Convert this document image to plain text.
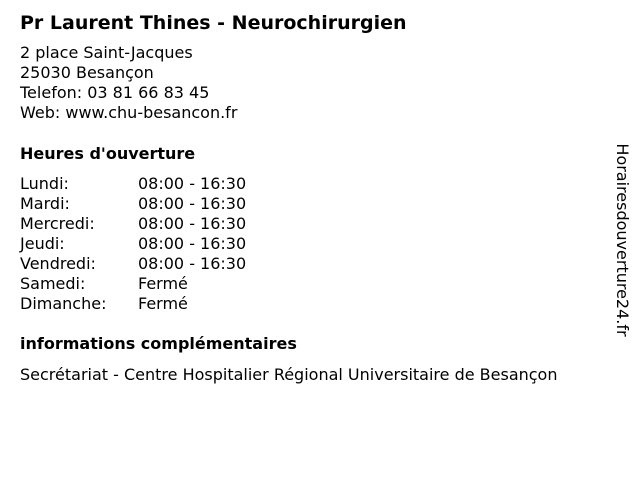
Pr Laurent Thines - Neurochirurgien
2 place Saint-Jacques
25030 Besançon
Telefon: 03 81 66 83 45
Web: www.chu-besancon.fr
Heures d'ouverture
Lundi:	08:00 - 16:30
Mardi:	08:00 - 16:30
Mercredi:	08:00 - 16:30
Jeudi:	08:00 - 16:30
Vendredi:	08:00 - 16:30
Samedi:	Fermé
Dimanche: Fermé
informations complémentaires
Secrétariat - Centre Hospitalier Régional Universitaire de Besançon
Horairesdouverture24.fr
